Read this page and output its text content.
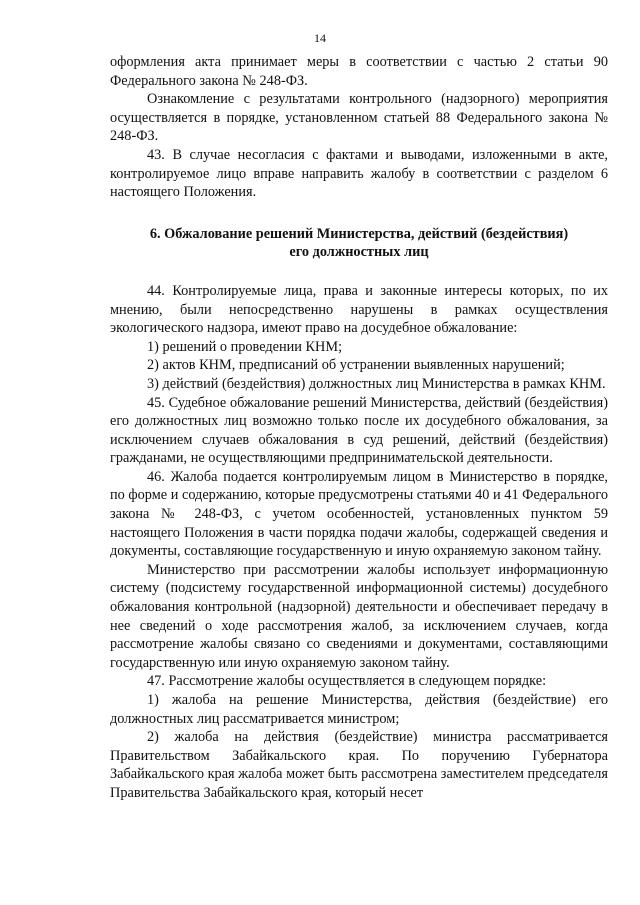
14

оформления акта принимает меры в соответствии с частью 2 статьи 90 Федерального закона № 248-ФЗ.

Ознакомление с результатами контрольного (надзорного) мероприятия осуществляется в порядке, установленном статьей 88 Федерального закона № 248-ФЗ.

43. В случае несогласия с фактами и выводами, изложенными в акте, контролируемое лицо вправе направить жалобу в соответствии с разделом 6 настоящего Положения.

6. Обжалование решений Министерства, действий (бездействия)
его должностных лиц

44. Контролируемые лица, права и законные интересы которых, по их мнению, были непосредственно нарушены в рамках осуществления экологического надзора, имеют право на досудебное обжалование:

1) решений о проведении КНМ;

2) актов КНМ, предписаний об устранении выявленных нарушений;

3) действий (бездействия) должностных лиц Министерства в рамках КНМ.

45. Судебное обжалование решений Министерства, действий (бездействия) его должностных лиц возможно только после их досудебного обжалования, за исключением случаев обжалования в суд решений, действий (бездействия) гражданами, не осуществляющими предпринимательской деятельности.

46. Жалоба подается контролируемым лицом в Министерство в порядке, по форме и содержанию, которые предусмотрены статьями 40 и 41 Федерального закона № 248-ФЗ, с учетом особенностей, установленных пунктом 59 настоящего Положения в части порядка подачи жалобы, содержащей сведения и документы, составляющие государственную и иную охраняемую законом тайну.

Министерство при рассмотрении жалобы использует информационную систему (подсистему государственной информационной системы) досудебного обжалования контрольной (надзорной) деятельности и обеспечивает передачу в нее сведений о ходе рассмотрения жалоб, за исключением случаев, когда рассмотрение жалобы связано со сведениями и документами, составляющими государственную или иную охраняемую законом тайну.

47. Рассмотрение жалобы осуществляется в следующем порядке:

1) жалоба на решение Министерства, действия (бездействие) его должностных лиц рассматривается министром;

2) жалоба на действия (бездействие) министра рассматривается Правительством Забайкальского края. По поручению Губернатора Забайкальского края жалоба может быть рассмотрена заместителем председателя Правительства Забайкальского края, который несет
